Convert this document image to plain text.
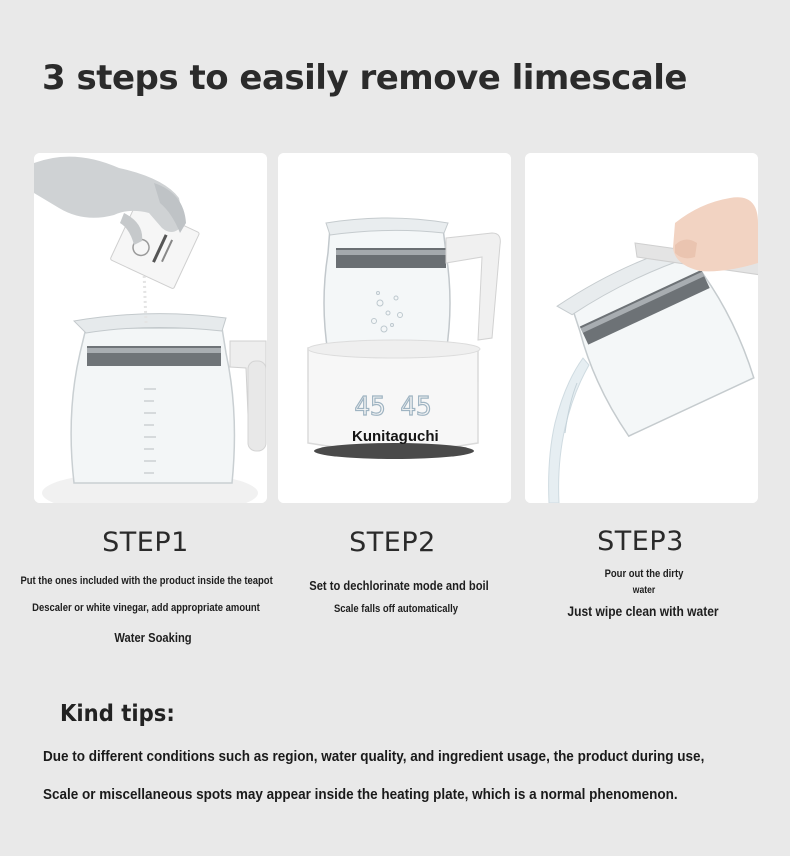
3 steps to easily remove limescale
45 45
Kunitaguchi
STEP1	STEP2	STEP3
Put the ones included with the product inside the teapot
Descaler or white vinegar, add appropriate amount
Water Soaking
Set to dechlorinate mode and boil
Scale falls off automatically
Pour out the dirty
water
Just wipe clean with water
Kind tips:
Due to different conditions such as region, water quality, and ingredient usage, the product during use,
Scale or miscellaneous spots may appear inside the heating plate, which is a normal phenomenon.
